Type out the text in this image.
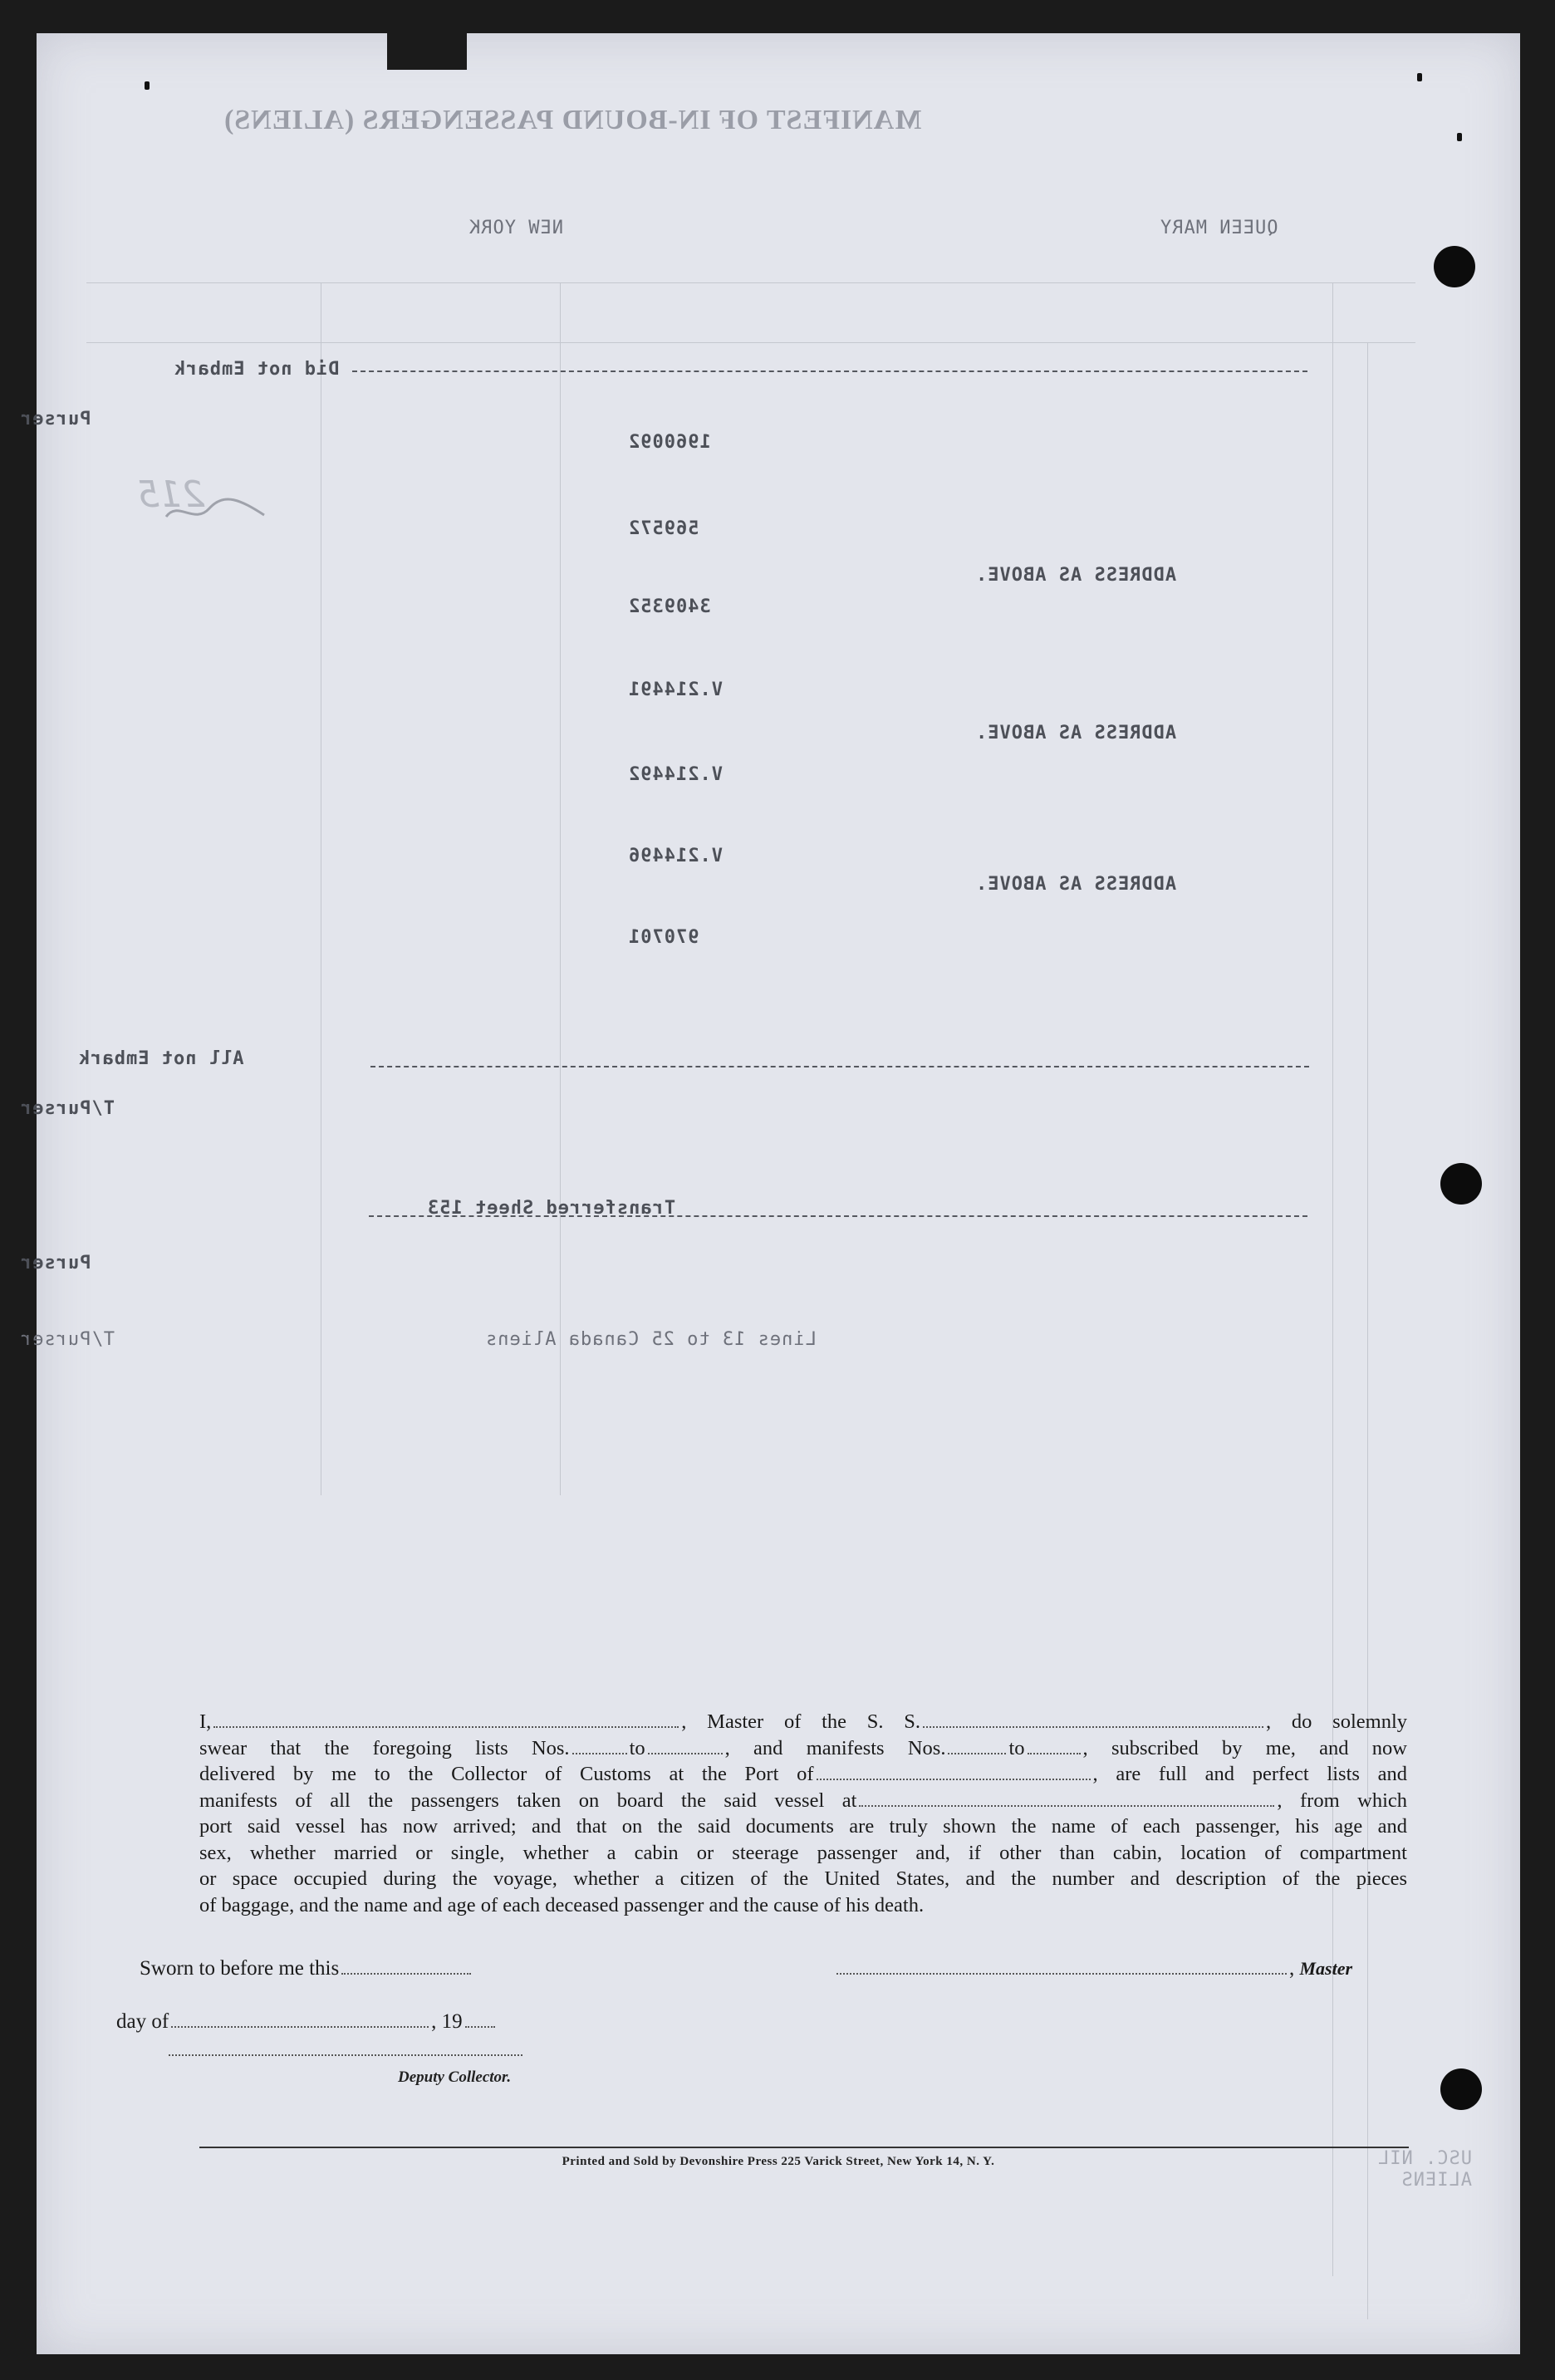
MANIFEST OF IN-BOUND PASSENGERS (ALIENS)
QUEEN MARY
NEW YORK
Did not Embark
Purser
215
1960092
569572
3409352
V.214491
V.214492
V.214496
970701
ADDRESS AS ABOVE.
ADDRESS AS ABOVE.
ADDRESS AS ABOVE.
All not Embark
T/Purser
Transferred Sheet 153
Purser
Lines 13 to 25 Canada Aliens
T/Purser
USC. NIL ALIENS
I,	, Master of the S. S.	, do solemnly
swear that the foregoing lists Nos.	to	, and manifests Nos.	to	, subscribed by me, and now
delivered by me to the Collector of Customs at the Port of	, are full and perfect lists and
manifests of all the passengers taken on board the said vessel at	, from which
port said vessel has now arrived; and that on the said documents are truly shown the name of each passenger, his age and
sex, whether married or single, whether a cabin or steerage passenger and, if other than cabin, location of compartment
or space occupied during the voyage, whether a citizen of the United States, and the number and description of the pieces
of baggage, and the name and age of each deceased passenger and the cause of his death.
Sworn to before me this	, Master
day of	, 19
Deputy Collector.
Printed and Sold by Devonshire Press 225 Varick Street, New York 14, N. Y.
